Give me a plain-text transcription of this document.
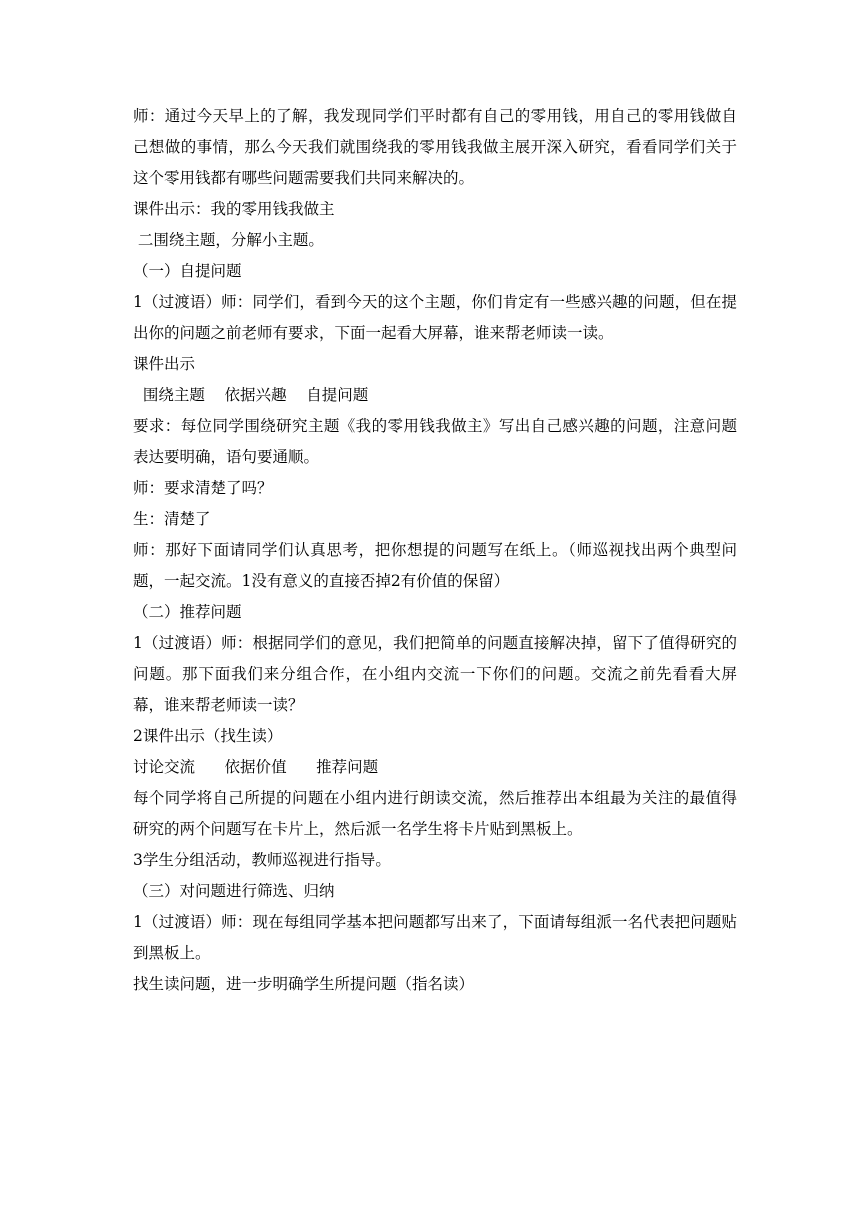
师：通过今天早上的了解，我发现同学们平时都有自己的零用钱，用自己的零用钱做自己想做的事情，那么今天我们就围绕我的零用钱我做主展开深入研究，看看同学们关于这个零用钱都有哪些问题需要我们共同来解决的。

课件出示：我的零用钱我做主
二围绕主题，分解小主题。
（一）自提问题

1（过渡语）师：同学们，看到今天的这个主题，你们肯定有一些感兴趣的问题，但在提出你的问题之前老师有要求，下面一起看大屏幕，谁来帮老师读一读。

课件出示
围绕主题    依据兴趣    自提问题

要求：每位同学围绕研究主题《我的零用钱我做主》写出自己感兴趣的问题，注意问题表达要明确，语句要通顺。

师：要求清楚了吗？
生：清楚了

师：那好下面请同学们认真思考，把你想提的问题写在纸上。（师巡视找出两个典型问题，一起交流。1没有意义的直接否掉2有价值的保留）

（二）推荐问题

1（过渡语）师：根据同学们的意见，我们把简单的问题直接解决掉，留下了值得研究的问题。那下面我们来分组合作，在小组内交流一下你们的问题。交流之前先看看大屏幕，谁来帮老师读一读？

2课件出示（找生读）
讨论交流      依据价值      推荐问题

每个同学将自己所提的问题在小组内进行朗读交流，然后推荐出本组最为关注的最值得研究的两个问题写在卡片上，然后派一名学生将卡片贴到黑板上。

3学生分组活动，教师巡视进行指导。
（三）对问题进行筛选、归纳

1（过渡语）师：现在每组同学基本把问题都写出来了，下面请每组派一名代表把问题贴到黑板上。

找生读问题，进一步明确学生所提问题（指名读）
